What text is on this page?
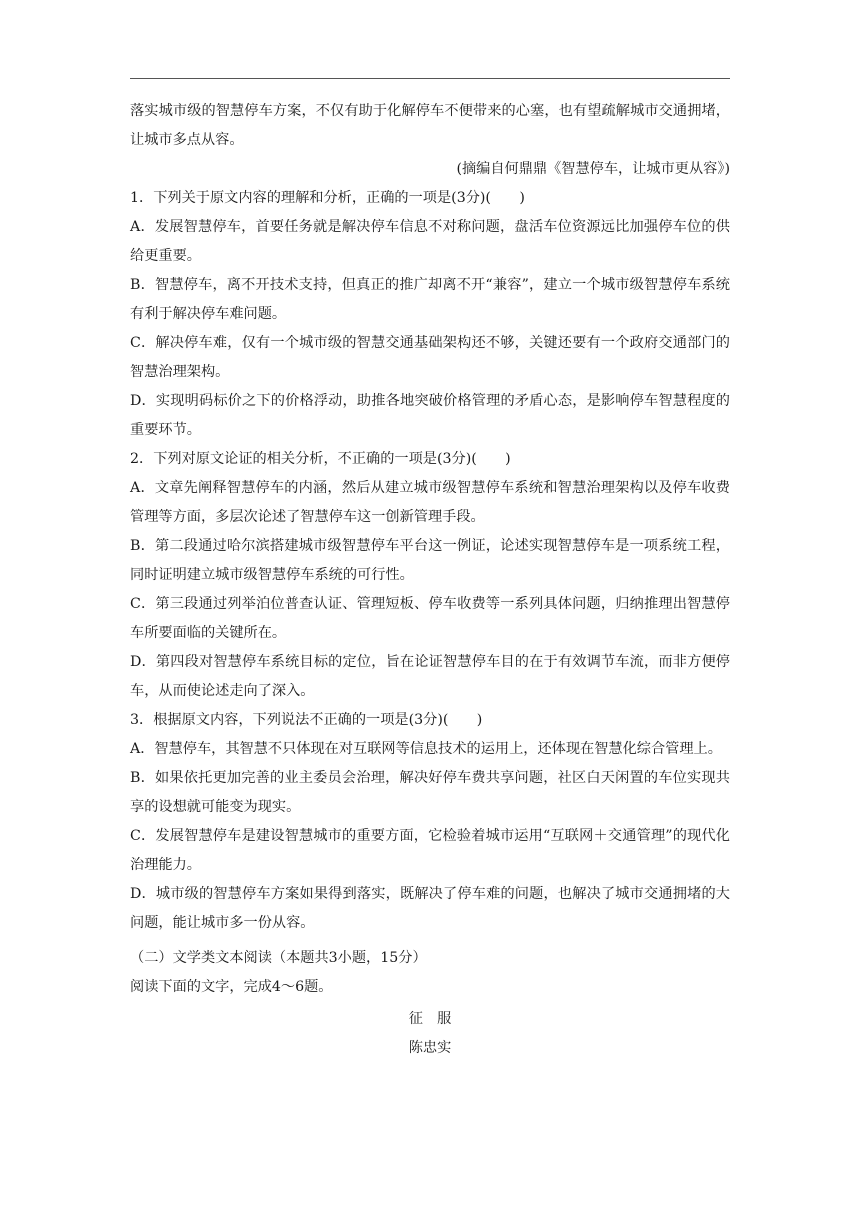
落实城市级的智慧停车方案，不仅有助于化解停车不便带来的心塞，也有望疏解城市交通拥堵，让城市多点从容。

(摘编自何鼎鼎《智慧停车，让城市更从容》)

1．下列关于原文内容的理解和分析，正确的一项是(3分)(　　)

A．发展智慧停车，首要任务就是解决停车信息不对称问题，盘活车位资源远比加强停车位的供给更重要。

B．智慧停车，离不开技术支持，但真正的推广却离不开“兼容”，建立一个城市级智慧停车系统有利于解决停车难问题。

C．解决停车难，仅有一个城市级的智慧交通基础架构还不够，关键还要有一个政府交通部门的智慧治理架构。

D．实现明码标价之下的价格浮动，助推各地突破价格管理的矛盾心态，是影响停车智慧程度的重要环节。

2．下列对原文论证的相关分析，不正确的一项是(3分)(　　)

A．文章先阐释智慧停车的内涵，然后从建立城市级智慧停车系统和智慧治理架构以及停车收费管理等方面，多层次论述了智慧停车这一创新管理手段。

B．第二段通过哈尔滨搭建城市级智慧停车平台这一例证，论述实现智慧停车是一项系统工程，同时证明建立城市级智慧停车系统的可行性。

C．第三段通过列举泊位普查认证、管理短板、停车收费等一系列具体问题，归纳推理出智慧停车所要面临的关键所在。

D．第四段对智慧停车系统目标的定位，旨在论证智慧停车目的在于有效调节车流，而非方便停车，从而使论述走向了深入。

3．根据原文内容，下列说法不正确的一项是(3分)(　　)

A．智慧停车，其智慧不只体现在对互联网等信息技术的运用上，还体现在智慧化综合管理上。

B．如果依托更加完善的业主委员会治理，解决好停车费共享问题，社区白天闲置的车位实现共享的设想就可能变为现实。

C．发展智慧停车是建设智慧城市的重要方面，它检验着城市运用“互联网＋交通管理”的现代化治理能力。

D．城市级的智慧停车方案如果得到落实，既解决了停车难的问题，也解决了城市交通拥堵的大问题，能让城市多一份从容。

（二）文学类文本阅读（本题共3小题，15分）

阅读下面的文字，完成4～6题。

征　服

陈忠实
